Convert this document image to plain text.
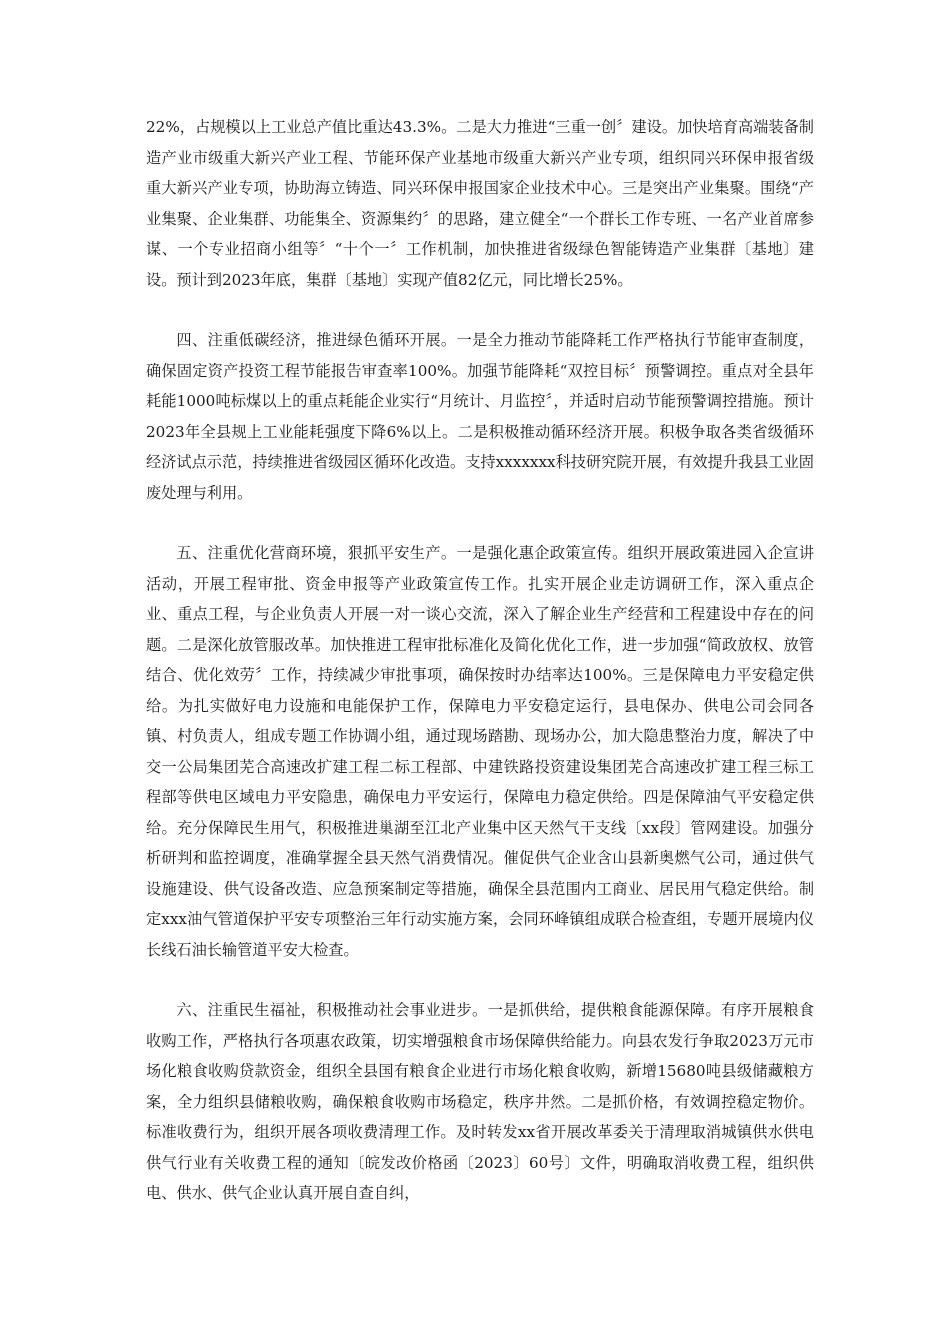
22%，占规模以上工业总产值比重达43.3%。二是大力推进“三重一创〞建设。加快培育高端装备制造产业市级重大新兴产业工程、节能环保产业基地市级重大新兴产业专项，组织同兴环保申报省级重大新兴产业专项，协助海立铸造、同兴环保申报国家企业技术中心。三是突出产业集聚。围绕“产业集聚、企业集群、功能集全、资源集约〞的思路，建立健全“一个群长工作专班、一名产业首席参谋、一个专业招商小组等〞“十个一〞工作机制，加快推进省级绿色智能铸造产业集群〔基地〕建设。预计到2023年底，集群〔基地〕实现产值82亿元，同比增长25%。

四、注重低碳经济，推进绿色循环开展。一是全力推动节能降耗工作严格执行节能审查制度，确保固定资产投资工程节能报告审查率100%。加强节能降耗“双控目标〞预警调控。重点对全县年耗能1000吨标煤以上的重点耗能企业实行“月统计、月监控〞，并适时启动节能预警调控措施。预计2023年全县规上工业能耗强度下降6%以上。二是积极推动循环经济开展。积极争取各类省级循环经济试点示范，持续推进省级园区循环化改造。支持xxxxxxx科技研究院开展，有效提升我县工业固废处理与利用。

五、注重优化营商环境，狠抓平安生产。一是强化惠企政策宣传。组织开展政策进园入企宣讲活动，开展工程审批、资金申报等产业政策宣传工作。扎实开展企业走访调研工作，深入重点企业、重点工程，与企业负责人开展一对一谈心交流，深入了解企业生产经营和工程建设中存在的问题。二是深化放管服改革。加快推进工程审批标准化及简化优化工作，进一步加强“简政放权、放管结合、优化效劳〞工作，持续减少审批事项，确保按时办结率达100%。三是保障电力平安稳定供给。为扎实做好电力设施和电能保护工作，保障电力平安稳定运行，县电保办、供电公司会同各镇、村负责人，组成专题工作协调小组，通过现场踏勘、现场办公，加大隐患整治力度，解决了中交一公局集团芜合高速改扩建工程二标工程部、中建铁路投资建设集团芜合高速改扩建工程三标工程部等供电区域电力平安隐患，确保电力平安运行，保障电力稳定供给。四是保障油气平安稳定供给。充分保障民生用气，积极推进巢湖至江北产业集中区天然气干支线〔xx段〕管网建设。加强分析研判和监控调度，准确掌握全县天然气消费情况。催促供气企业含山县新奥燃气公司，通过供气设施建设、供气设备改造、应急预案制定等措施，确保全县范围内工商业、居民用气稳定供给。制定xxx油气管道保护平安专项整治三年行动实施方案，会同环峰镇组成联合检查组，专题开展境内仪长线石油长输管道平安大检查。

六、注重民生福祉，积极推动社会事业进步。一是抓供给，提供粮食能源保障。有序开展粮食收购工作，严格执行各项惠农政策，切实增强粮食市场保障供给能力。向县农发行争取2023万元市场化粮食收购贷款资金，组织全县国有粮食企业进行市场化粮食收购，新增15680吨县级储藏粮方案，全力组织县储粮收购，确保粮食收购市场稳定，秩序井然。二是抓价格，有效调控稳定物价。标准收费行为，组织开展各项收费清理工作。及时转发xx省开展改革委关于清理取消城镇供水供电供气行业有关收费工程的通知〔皖发改价格函〔2023〕60号〕文件，明确取消收费工程，组织供电、供水、供气企业认真开展自查自纠，
